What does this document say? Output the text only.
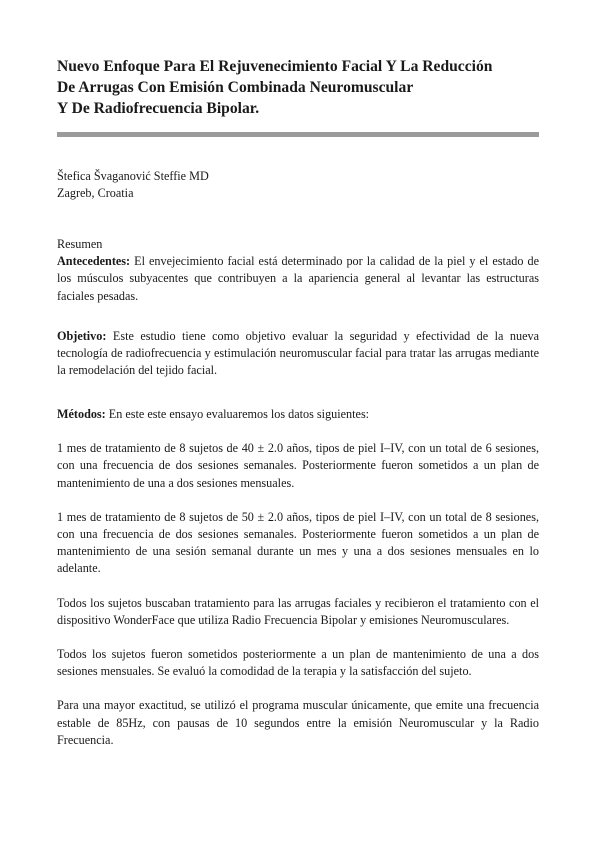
Nuevo Enfoque Para El Rejuvenecimiento Facial Y La Reducción
De Arrugas Con Emisión Combinada Neuromuscular
Y De Radiofrecuencia Bipolar.
Štefica Švaganović Steffie MD
Zagreb, Croatia

Resumen

Antecedentes: El envejecimiento facial está determinado por la calidad de la piel y el estado de los músculos subyacentes que contribuyen a la apariencia general al levantar las estructuras faciales pesadas.

Objetivo: Este estudio tiene como objetivo evaluar la seguridad y efectividad de la nueva tecnología de radiofrecuencia y estimulación neuromuscular facial para tratar las arrugas mediante la remodelación del tejido facial.

Métodos: En este este ensayo evaluaremos los datos siguientes:

1 mes de tratamiento de 8 sujetos de 40 ± 2.0 años, tipos de piel I–IV, con un total de 6 sesiones, con una frecuencia de dos sesiones semanales. Posteriormente fueron sometidos a un plan de mantenimiento de una a dos sesiones mensuales.

1 mes de tratamiento de 8 sujetos de 50 ± 2.0 años, tipos de piel I–IV, con un total de 8 sesiones, con una frecuencia de dos sesiones semanales. Posteriormente fueron sometidos a un plan de mantenimiento de una sesión semanal durante un mes y una a dos sesiones mensuales en lo adelante.

Todos los sujetos buscaban tratamiento para las arrugas faciales y recibieron el tratamiento con el dispositivo WonderFace que utiliza Radio Frecuencia Bipolar y emisiones Neuromusculares.

Todos los sujetos fueron sometidos posteriormente a un plan de mantenimiento de una a dos sesiones mensuales. Se evaluó la comodidad de la terapia y la satisfacción del sujeto.

Para una mayor exactitud, se utilizó el programa muscular únicamente, que emite una frecuencia estable de 85Hz, con pausas de 10 segundos entre la emisión Neuromuscular y la Radio Frecuencia.
